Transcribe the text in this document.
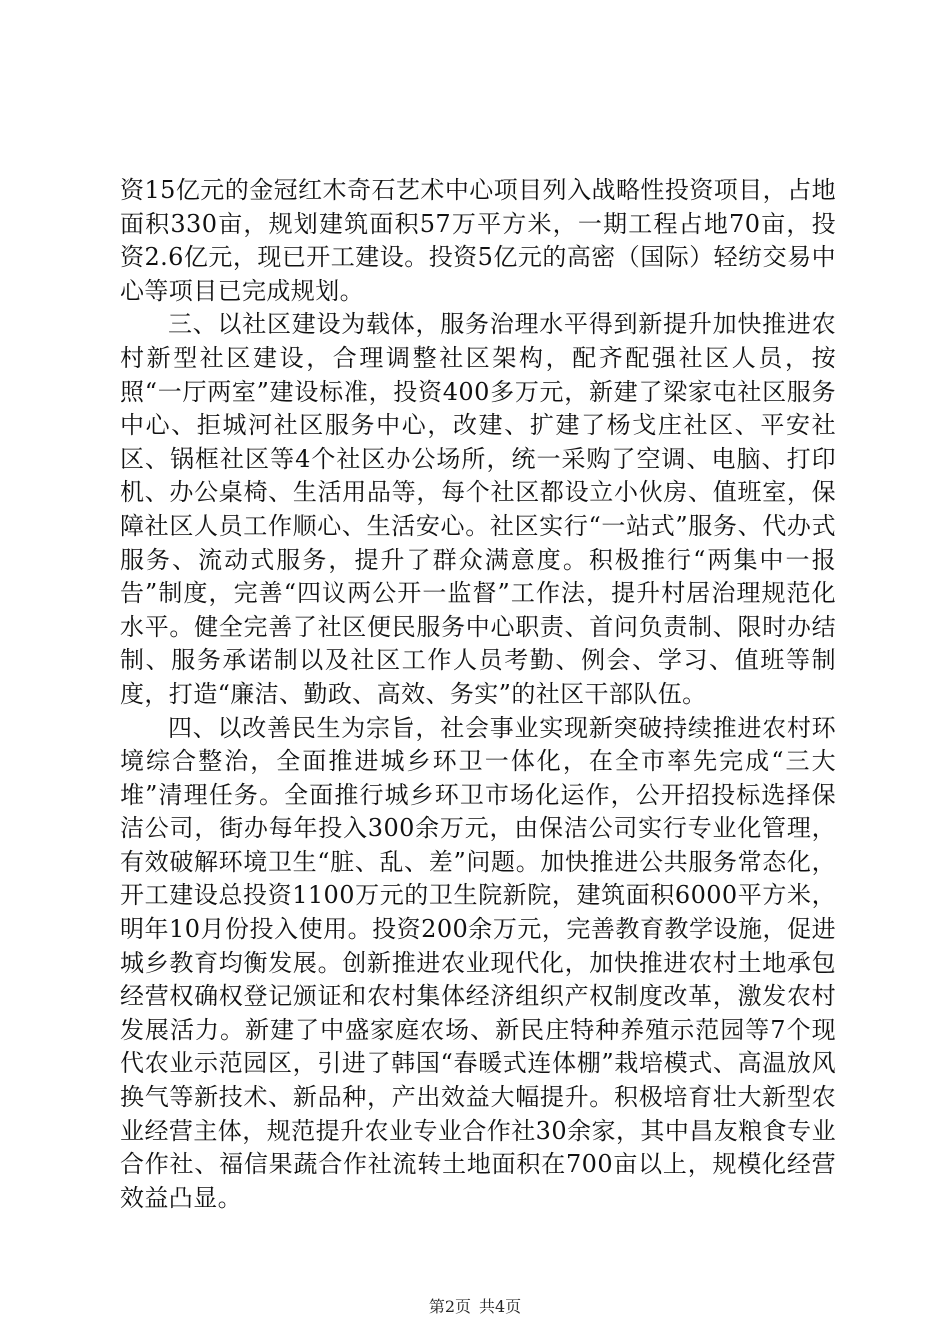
资15亿元的金冠红木奇石艺术中心项目列入战略性投资项目，占地面积330亩，规划建筑面积57万平方米，一期工程占地70亩，投资2.6亿元，现已开工建设。投资5亿元的高密（国际）轻纺交易中心等项目已完成规划。

三、以社区建设为载体，服务治理水平得到新提升加快推进农村新型社区建设，合理调整社区架构，配齐配强社区人员，按照“一厅两室”建设标准，投资400多万元，新建了梁家屯社区服务中心、拒城河社区服务中心，改建、扩建了杨戈庄社区、平安社区、锅框社区等4个社区办公场所，统一采购了空调、电脑、打印机、办公桌椅、生活用品等，每个社区都设立小伙房、值班室，保障社区人员工作顺心、生活安心。社区实行“一站式”服务、代办式服务、流动式服务，提升了群众满意度。积极推行“两集中一报告”制度，完善“四议两公开一监督”工作法，提升村居治理规范化水平。健全完善了社区便民服务中心职责、首问负责制、限时办结制、服务承诺制以及社区工作人员考勤、例会、学习、值班等制度，打造“廉洁、勤政、高效、务实”的社区干部队伍。

四、以改善民生为宗旨，社会事业实现新突破持续推进农村环境综合整治，全面推进城乡环卫一体化，在全市率先完成“三大堆”清理任务。全面推行城乡环卫市场化运作，公开招投标选择保洁公司，街办每年投入300余万元，由保洁公司实行专业化管理，有效破解环境卫生“脏、乱、差”问题。加快推进公共服务常态化，开工建设总投资1100万元的卫生院新院，建筑面积6000平方米，明年10月份投入使用。投资200余万元，完善教育教学设施，促进城乡教育均衡发展。创新推进农业现代化，加快推进农村土地承包经营权确权登记颁证和农村集体经济组织产权制度改革，激发农村发展活力。新建了中盛家庭农场、新民庄特种养殖示范园等7个现代农业示范园区，引进了韩国“春暖式连体棚”栽培模式、高温放风换气等新技术、新品种，产出效益大幅提升。积极培育壮大新型农业经营主体，规范提升农业专业合作社30余家，其中昌友粮食专业合作社、福信果蔬合作社流转土地面积在700亩以上，规模化经营效益凸显。

第2页 共4页
